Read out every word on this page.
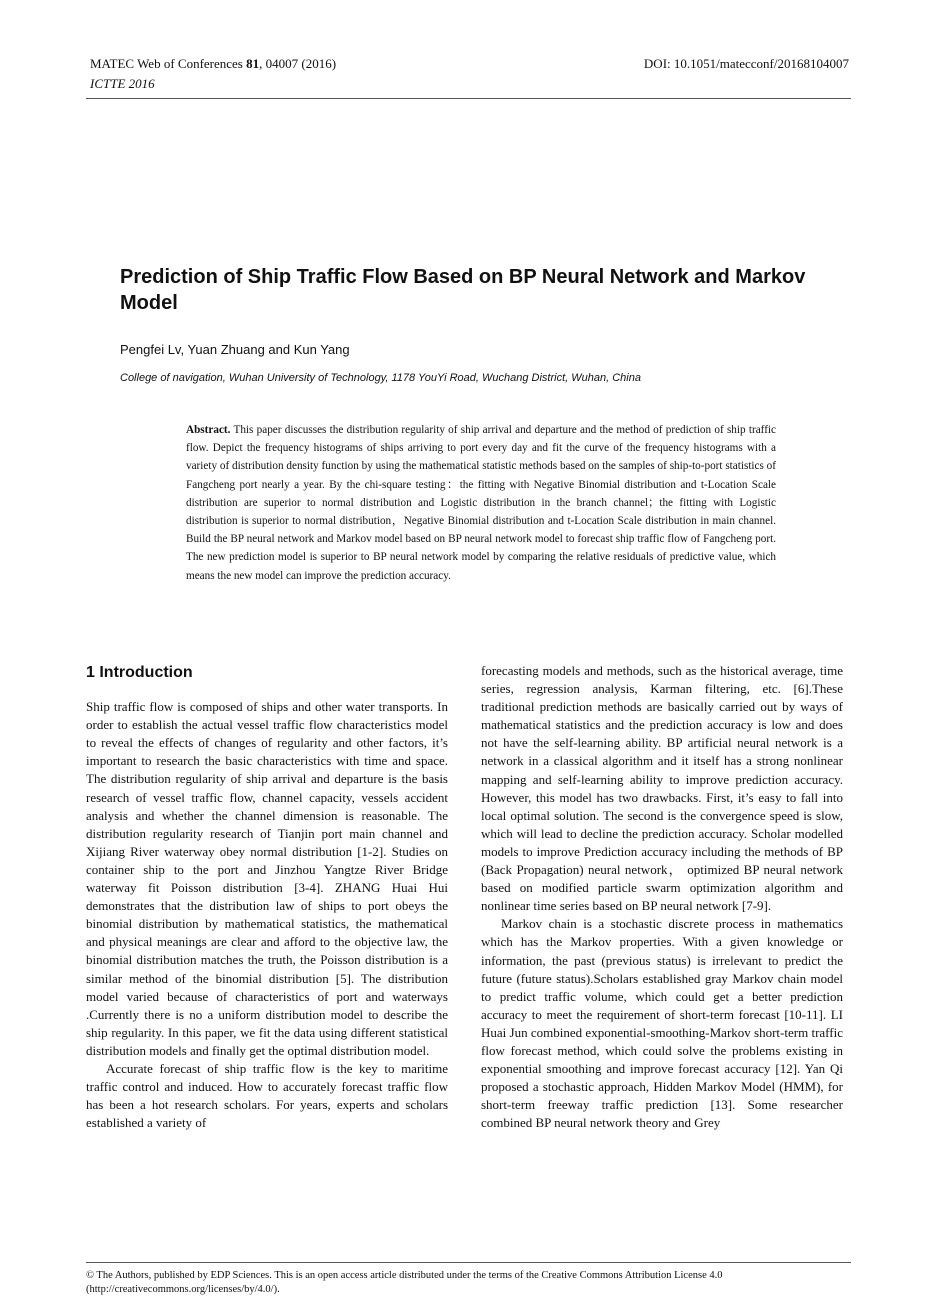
MATEC Web of Conferences 81, 04007 (2016)	DOI: 10.1051/matecconf/20168104007
ICTTE 2016
Prediction of Ship Traffic Flow Based on BP Neural Network and Markov Model
Pengfei Lv, Yuan Zhuang and Kun Yang
College of navigation, Wuhan University of Technology, 1178 YouYi Road, Wuchang District, Wuhan, China
Abstract. This paper discusses the distribution regularity of ship arrival and departure and the method of prediction of ship traffic flow. Depict the frequency histograms of ships arriving to port every day and fit the curve of the frequency histograms with a variety of distribution density function by using the mathematical statistic methods based on the samples of ship-to-port statistics of Fangcheng port nearly a year. By the chi-square testing：the fitting with Negative Binomial distribution and t-Location Scale distribution are superior to normal distribution and Logistic distribution in the branch channel；the fitting with Logistic distribution is superior to normal distribution，Negative Binomial distribution and t-Location Scale distribution in main channel. Build the BP neural network and Markov model based on BP neural network model to forecast ship traffic flow of Fangcheng port. The new prediction model is superior to BP neural network model by comparing the relative residuals of predictive value, which means the new model can improve the prediction accuracy.
1 Introduction

Ship traffic flow is composed of ships and other water transports. In order to establish the actual vessel traffic flow characteristics model to reveal the effects of changes of regularity and other factors, it’s important to research the basic characteristics with time and space. The distribution regularity of ship arrival and departure is the basis research of vessel traffic flow, channel capacity, vessels accident analysis and whether the channel dimension is reasonable. The distribution regularity research of Tianjin port main channel and Xijiang River waterway obey normal distribution [1-2]. Studies on container ship to the port and Jinzhou Yangtze River Bridge waterway fit Poisson distribution [3-4]. ZHANG Huai Hui demonstrates that the distribution law of ships to port obeys the binomial distribution by mathematical statistics, the mathematical and physical meanings are clear and afford to the objective law, the binomial distribution matches the truth, the Poisson distribution is a similar method of the binomial distribution [5]. The distribution model varied because of characteristics of port and waterways .Currently there is no a uniform distribution model to describe the ship regularity. In this paper, we fit the data using different statistical distribution models and finally get the optimal distribution model.

Accurate forecast of ship traffic flow is the key to maritime traffic control and induced. How to accurately forecast traffic flow has been a hot research scholars. For years, experts and scholars established a variety of

forecasting models and methods, such as the historical average, time series, regression analysis, Karman filtering, etc. [6].These traditional prediction methods are basically carried out by ways of mathematical statistics and the prediction accuracy is low and does not have the self-learning ability. BP artificial neural network is a network in a classical algorithm and it itself has a strong nonlinear mapping and self-learning ability to improve prediction accuracy. However, this model has two drawbacks. First, it’s easy to fall into local optimal solution. The second is the convergence speed is slow, which will lead to decline the prediction accuracy. Scholar modelled models to improve Prediction accuracy including the methods of BP (Back Propagation) neural network， optimized BP neural network based on modified particle swarm optimization algorithm and nonlinear time series based on BP neural network [7-9].

Markov chain is a stochastic discrete process in mathematics which has the Markov properties. With a given knowledge or information, the past (previous status) is irrelevant to predict the future (future status).Scholars established gray Markov chain model to predict traffic volume, which could get a better prediction accuracy to meet the requirement of short-term forecast [10-11]. LI Huai Jun combined exponential-smoothing-Markov short-term traffic flow forecast method, which could solve the problems existing in exponential smoothing and improve forecast accuracy [12]. Yan Qi proposed a stochastic approach, Hidden Markov Model (HMM), for short-term freeway traffic prediction [13]. Some researcher combined BP neural network theory and Grey

© The Authors, published by EDP Sciences. This is an open access article distributed under the terms of the Creative Commons Attribution License 4.0 (http://creativecommons.org/licenses/by/4.0/).
